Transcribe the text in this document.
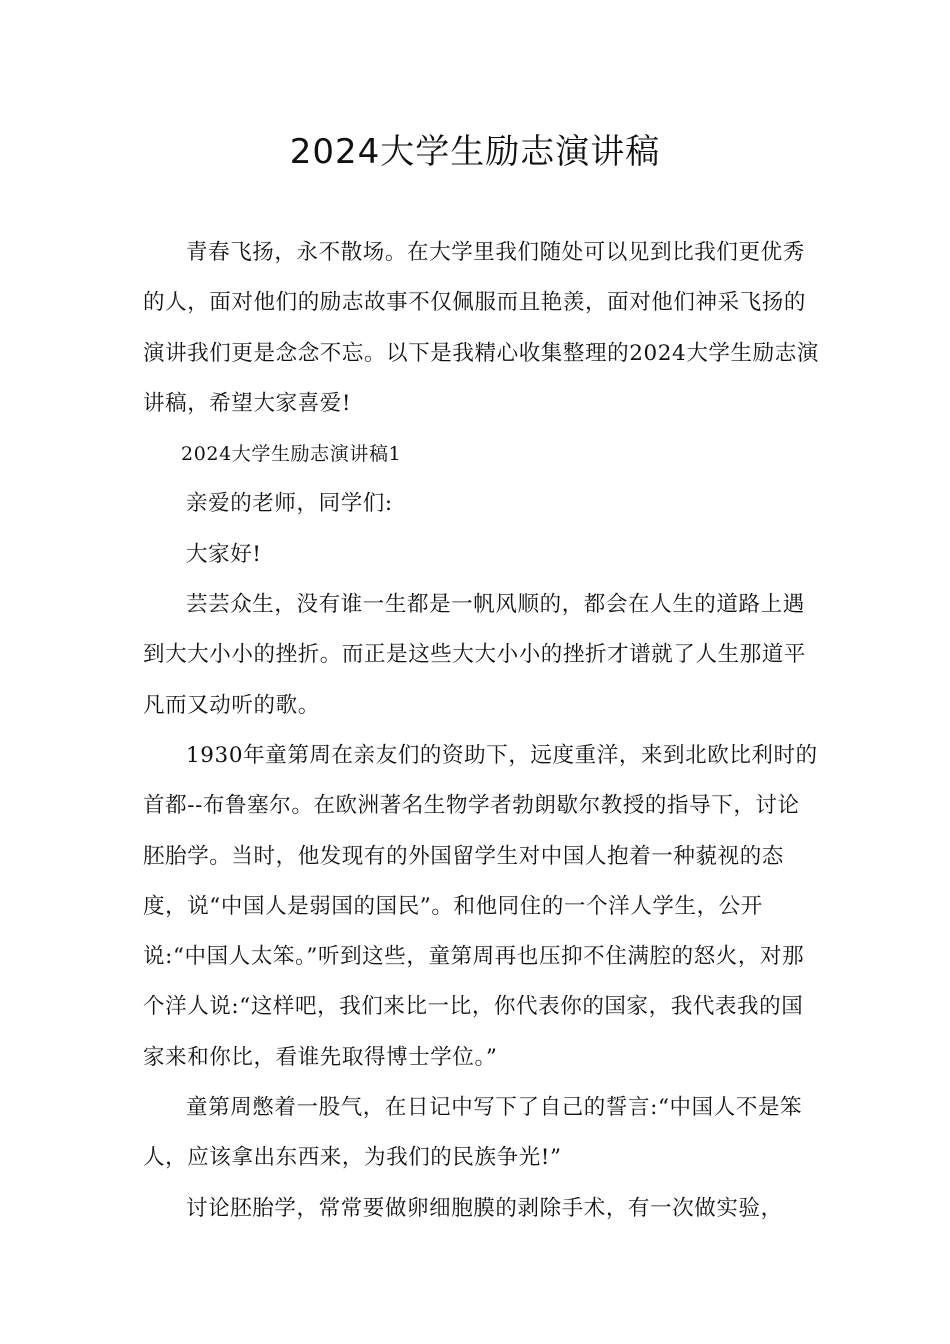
2024大学生励志演讲稿

青春飞扬，永不散场。在大学里我们随处可以见到比我们更优秀的人，面对他们的励志故事不仅佩服而且艳羡，面对他们神采飞扬的演讲我们更是念念不忘。以下是我精心收集整理的2024大学生励志演讲稿，希望大家喜爱!

2024大学生励志演讲稿1

亲爱的老师，同学们:

大家好!

芸芸众生，没有谁一生都是一帆风顺的，都会在人生的道路上遇到大大小小的挫折。而正是这些大大小小的挫折才谱就了人生那道平凡而又动听的歌。

1930年童第周在亲友们的资助下，远度重洋，来到北欧比利时的首都--布鲁塞尔。在欧洲著名生物学者勃朗歇尔教授的指导下，讨论胚胎学。当时，他发现有的外国留学生对中国人抱着一种藐视的态度，说“中国人是弱国的国民”。和他同住的一个洋人学生，公开说:“中国人太笨。”听到这些，童第周再也压抑不住满腔的怒火，对那个洋人说:“这样吧，我们来比一比，你代表你的国家，我代表我的国家来和你比，看谁先取得博士学位。”

童第周憋着一股气，在日记中写下了自己的誓言:“中国人不是笨人，应该拿出东西来，为我们的民族争光!”

讨论胚胎学，常常要做卵细胞膜的剥除手术，有一次做实验，
